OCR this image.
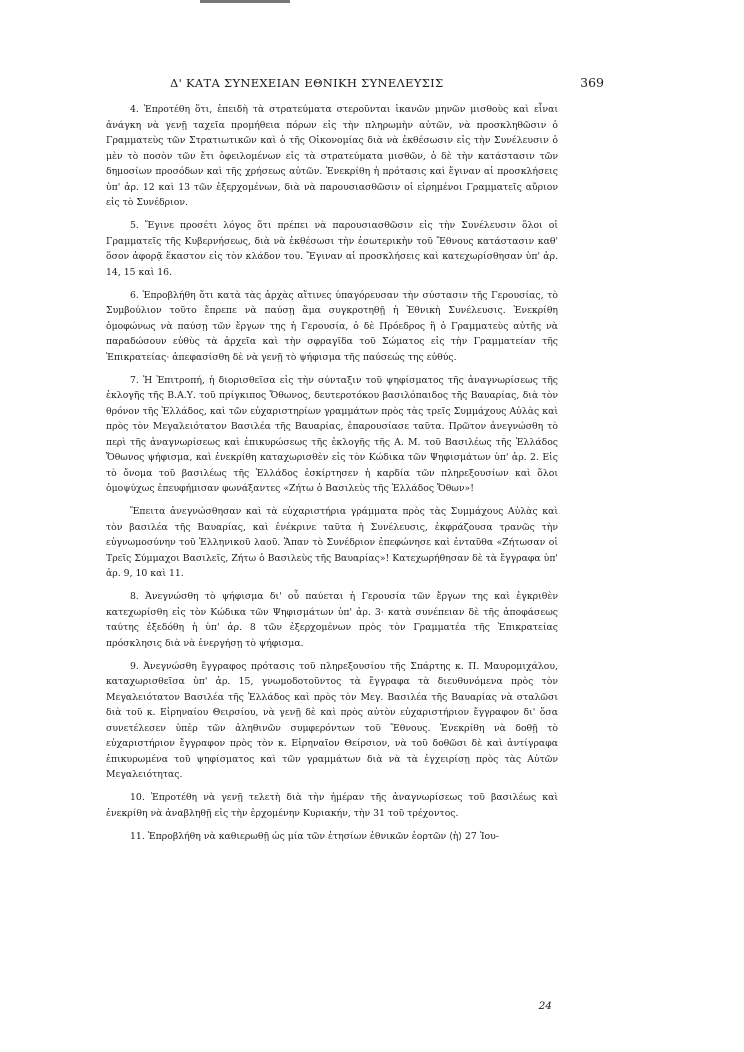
Δ' ΚΑΤΑ ΣΥΝΕΧΕΙΑΝ ΕΘΝΙΚΗ ΣΥΝΕΛΕΥΣΙΣ	369

4. Ἐπροτέθη ὅτι, ἐπειδὴ τὰ στρατεύματα στεροῦνται ἱκανῶν μηνῶν μισθοὺς καὶ εἶναι ἀνάγκη νὰ γενῇ ταχεῖα προμήθεια πόρων εἰς τὴν πληρωμὴν αὐτῶν, νὰ προσκληθῶσιν ὁ Γραμματεὺς τῶν Στρατιωτικῶν καὶ ὁ τῆς Οἰκονομίας διὰ νὰ ἐκθέσωσιν εἰς τὴν Συνέλευσιν ὁ μὲν τὸ ποσὸν τῶν ἔτι ὀφειλομένων εἰς τὰ στρατεύματα μισθῶν, ὁ δὲ τὴν κατάστασιν τῶν δημοσίων προσόδων καὶ τῆς χρήσεως αὐτῶν. Ἐνεκρίθη ἡ πρότασις καὶ ἔγιναν αἱ προσκλήσεις ὑπ' ἀρ. 12 καὶ 13 τῶν ἐξερχομένων, διὰ νὰ παρουσιασθῶσιν οἱ εἰρημένοι Γραμματεῖς αὔριον εἰς τὸ Συνέδριον.

5. Ἔγινε προσέτι λόγος ὅτι πρέπει νὰ παρουσιασθῶσιν εἰς τὴν Συνέλευσιν ὅλοι οἱ Γραμματεῖς τῆς Κυβερνήσεως, διὰ νὰ ἐκθέσωσι τὴν ἐσωτερικὴν τοῦ Ἔθνους κατάστασιν καθ' ὅσον ἀφορᾷ ἕκαστον εἰς τὸν κλάδον του. Ἔγιναν αἱ προσκλήσεις καὶ κατεχωρίσθησαν ὑπ' ἀρ. 14, 15 καὶ 16.

6. Ἐπροβλήθη ὅτι κατὰ τὰς ἀρχὰς αἵτινες ὑπαγόρευσαν τὴν σύστασιν τῆς Γερουσίας, τὸ Συμβούλιον τοῦτο ἔπρεπε νὰ παύσῃ ἅμα συγκροτηθῇ ἡ Ἐθνικὴ Συνέλευσις. Ἐνεκρίθη ὁμοφώνως νὰ παύσῃ τῶν ἔργων της ἡ Γερουσία, ὁ δὲ Πρόεδρος ἢ ὁ Γραμματεὺς αὐτῆς νὰ παραδώσουν εὐθὺς τὰ ἀρχεῖα καὶ τὴν σφραγῖδα τοῦ Σώματος εἰς τὴν Γραμματείαν τῆς Ἐπικρατείας· ἀπεφασίσθη δὲ νὰ γενῇ τὸ ψήφισμα τῆς παύσεώς της εὐθύς.

7. Ἡ Ἐπιτροπή, ἡ διορισθεῖσα εἰς τὴν σύνταξιν τοῦ ψηφίσματος τῆς ἀναγνωρίσεως τῆς ἐκλογῆς τῆς Β.Α.Υ. τοῦ πρίγκιπος Ὄθωνος, δευτεροτόκου βασιλόπαιδος τῆς Βαυαρίας, διὰ τὸν θρόνον τῆς Ἑλλάδος, καὶ τῶν εὐχαριστηρίων γραμμάτων πρὸς τὰς τρεῖς Συμμάχους Αὐλὰς καὶ πρὸς τὸν Μεγαλειότατον Βασιλέα τῆς Βαυαρίας, ἐπαρουσίασε ταῦτα. Πρῶτον ἀνεγνώσθη τὸ περὶ τῆς ἀναγνωρίσεως καὶ ἐπικυρώσεως τῆς ἐκλογῆς τῆς Α. Μ. τοῦ Βασιλέως τῆς Ἑλλάδος Ὄθωνος ψήφισμα, καὶ ἐνεκρίθη καταχωρισθὲν εἰς τὸν Κώδικα τῶν Ψηφισμάτων ὑπ' ἀρ. 2. Εἰς τὸ ὄνομα τοῦ βασιλέως τῆς Ἑλλάδος ἐσκίρτησεν ἡ καρδία τῶν πληρεξουσίων καὶ ὅλοι ὁμοψύχως ἐπευφήμισαν φωνάξαντες «Ζήτω ὁ Βασιλεὺς τῆς Ἑλλάδος Ὄθων»!

Ἔπειτα ἀνεγνώσθησαν καὶ τὰ εὐχαριστήρια γράμματα πρὸς τὰς Συμμάχους Αὐλὰς καὶ τὸν βασιλέα τῆς Βαυαρίας, καὶ ἐνέκρινε ταῦτα ἡ Συνέλευσις, ἐκφράζουσα τρανῶς τὴν εὐγνωμοσύνην τοῦ Ἑλληνικοῦ λαοῦ. Ἅπαν τὸ Συνέδριον ἐπεφώνησε καὶ ἐνταῦθα «Ζήτωσαν οἱ Τρεῖς Σύμμαχοι Βασιλεῖς, Ζήτω ὁ Βασιλεὺς τῆς Βαυαρίας»! Κατεχωρήθησαν δὲ τὰ ἔγγραφα ὑπ' ἀρ. 9, 10 καὶ 11.

8. Ἀνεγνώσθη τὸ ψήφισμα δι' οὗ παύεται ἡ Γερουσία τῶν ἔργων της καὶ ἐγκριθὲν κατεχωρίσθη εἰς τὸν Κώδικα τῶν Ψηφισμάτων ὑπ' ἀρ. 3· κατὰ συνέπειαν δὲ τῆς ἀποφάσεως ταύτης ἐξεδόθη ἡ ὑπ' ἀρ. 8 τῶν ἐξερχομένων πρὸς τὸν Γραμματέα τῆς Ἐπικρατείας πρόσκλησις διὰ νὰ ἐνεργήσῃ τὸ ψήφισμα.

9. Ἀνεγνώσθη ἔγγραφος πρότασις τοῦ πληρεξουσίου τῆς Σπάρτης κ. Π. Μαυρομιχάλου, καταχωρισθεῖσα ὑπ' ἀρ. 15, γνωμοδοτοῦντος τὰ ἔγγραφα τὰ διευθυνόμενα πρὸς τὸν Μεγαλειότατον Βασιλέα τῆς Ἑλλάδος καὶ πρὸς τὸν Μεγ. Βασιλέα τῆς Βαυαρίας νὰ σταλῶσι διὰ τοῦ κ. Εἰρηναίου Θειρσίου, νὰ γενῇ δὲ καὶ πρὸς αὐτὸν εὐχαριστήριον ἔγγραφον δι' ὅσα συνετέλεσεν ὑπὲρ τῶν ἀληθινῶν συμφερόντων τοῦ Ἔθνους. Ἐνεκρίθη νὰ δοθῇ τὸ εὐχαριστήριον ἔγγραφον πρὸς τὸν κ. Εἰρηναῖον Θείρσιον, νὰ τοῦ δοθῶσι δὲ καὶ ἀντίγραφα ἐπικυρωμένα τοῦ ψηφίσματος καὶ τῶν γραμμάτων διὰ νὰ τὰ ἐγχειρίσῃ πρὸς τὰς Αὐτῶν Μεγαλειότητας.

10. Ἐπροτέθη νὰ γενῇ τελετὴ διὰ τὴν ἡμέραν τῆς ἀναγνωρίσεως τοῦ βασιλέως καὶ ἐνεκρίθη νὰ ἀναβληθῇ εἰς τὴν ἐρχομένην Κυριακήν, τὴν 31 τοῦ τρέχοντος.

11. Ἐπροβλήθη νὰ καθιερωθῇ ὡς μία τῶν ἐτησίων ἐθνικῶν ἑορτῶν ⟨ἡ⟩ 27 Ἰου-

24
